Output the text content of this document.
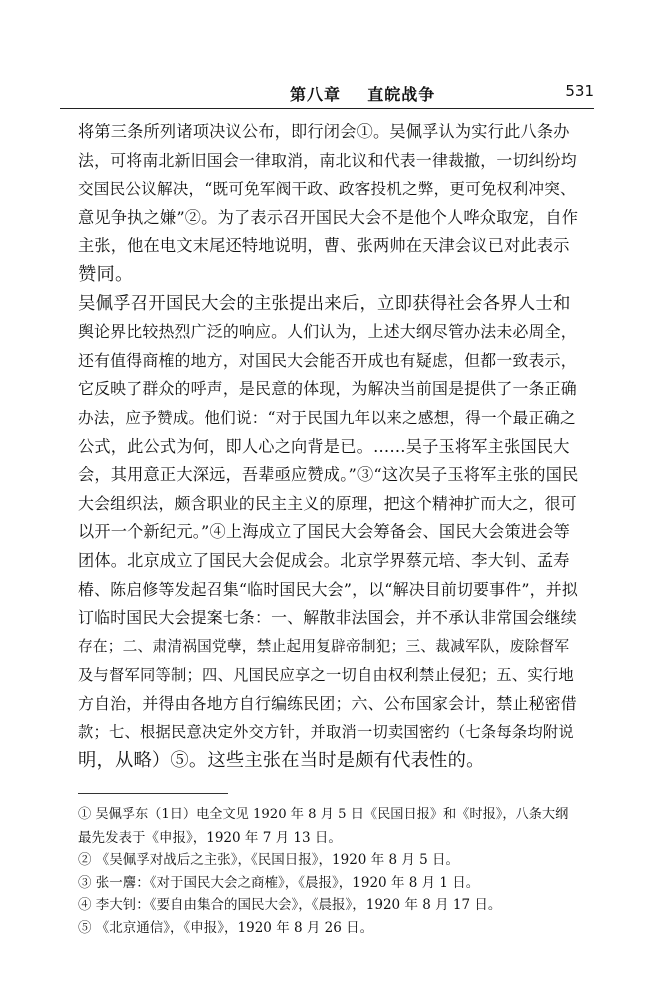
第八章    直皖战争	531
将第三条所列诸项决议公布，即行闭会①。吴佩孚认为实行此八条办
法，可将南北新旧国会一律取消，南北议和代表一律裁撤，一切纠纷均
交国民公议解决，“既可免军阀干政、政客投机之弊，更可免权利冲突、
意见争执之嫌”②。为了表示召开国民大会不是他个人哗众取宠，自作
主张，他在电文末尾还特地说明，曹、张两帅在天津会议已对此表示
赞同。
吴佩孚召开国民大会的主张提出来后，立即获得社会各界人士和
舆论界比较热烈广泛的响应。人们认为，上述大纲尽管办法未必周全，
还有值得商榷的地方，对国民大会能否开成也有疑虑，但都一致表示，
它反映了群众的呼声，是民意的体现，为解决当前国是提供了一条正确
办法，应予赞成。他们说：“对于民国九年以来之感想，得一个最正确之
公式，此公式为何，即人心之向背是已。……吴子玉将军主张国民大
会，其用意正大深远，吾辈亟应赞成。”③“这次吴子玉将军主张的国民
大会组织法，颇含职业的民主主义的原理，把这个精神扩而大之，很可
以开一个新纪元。”④上海成立了国民大会筹备会、国民大会策进会等
团体。北京成立了国民大会促成会。北京学界蔡元培、李大钊、孟寿
椿、陈启修等发起召集“临时国民大会”，以“解决目前切要事件”，并拟
订临时国民大会提案七条：一、解散非法国会，并不承认非常国会继续
存在；二、肃清祸国党孽，禁止起用复辟帝制犯；三、裁减军队，废除督军
及与督军同等制；四、凡国民应享之一切自由权利禁止侵犯；五、实行地
方自治，并得由各地方自行编练民团；六、公布国家会计，禁止秘密借
款；七、根据民意决定外交方针，并取消一切卖国密约（七条每条均附说
明，从略）⑤。这些主张在当时是颇有代表性的。
① 吴佩孚东（1日）电全文见 1920 年 8 月 5 日《民国日报》和《时报》，八条大纲
最先发表于《申报》，1920 年 7 月 13 日。
② 《吴佩孚对战后之主张》，《民国日报》，1920 年 8 月 5 日。
③ 张一麐：《对于国民大会之商榷》，《晨报》，1920 年 8 月 1 日。
④ 李大钊：《要自由集合的国民大会》，《晨报》，1920 年 8 月 17 日。
⑤ 《北京通信》，《申报》，1920 年 8 月 26 日。
